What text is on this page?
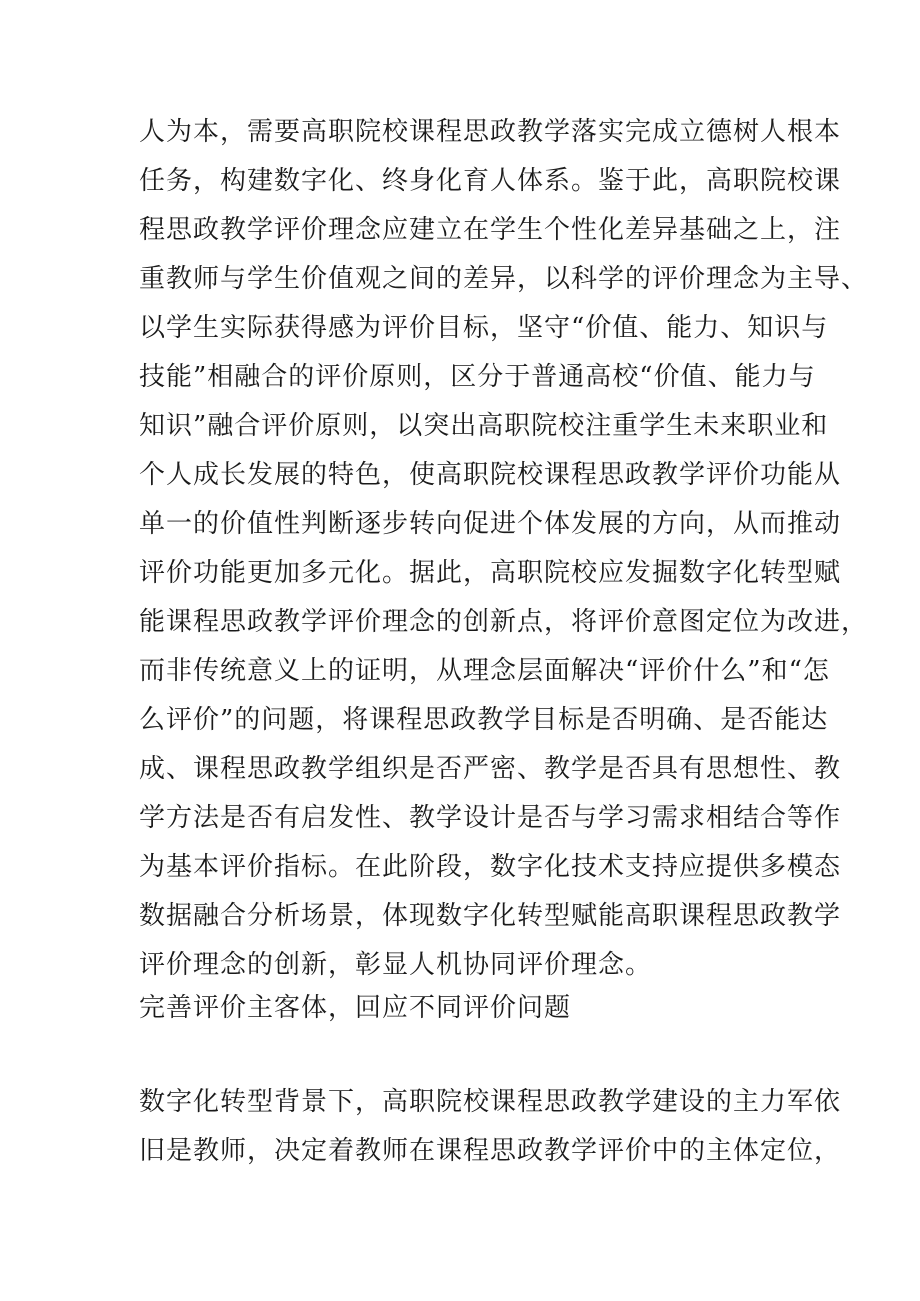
人为本，需要高职院校课程思政教学落实完成立德树人根本
任务，构建数字化、终身化育人体系。鉴于此，高职院校课
程思政教学评价理念应建立在学生个性化差异基础之上，注
重教师与学生价值观之间的差异，以科学的评价理念为主导、
以学生实际获得感为评价目标，坚守“价值、能力、知识与
技能”相融合的评价原则，区分于普通高校“价值、能力与
知识”融合评价原则，以突出高职院校注重学生未来职业和
个人成长发展的特色，使高职院校课程思政教学评价功能从
单一的价值性判断逐步转向促进个体发展的方向，从而推动
评价功能更加多元化。据此，高职院校应发掘数字化转型赋
能课程思政教学评价理念的创新点，将评价意图定位为改进，
而非传统意义上的证明，从理念层面解决“评价什么”和“怎
么评价”的问题，将课程思政教学目标是否明确、是否能达
成、课程思政教学组织是否严密、教学是否具有思想性、教
学方法是否有启发性、教学设计是否与学习需求相结合等作
为基本评价指标。在此阶段，数字化技术支持应提供多模态
数据融合分析场景，体现数字化转型赋能高职课程思政教学
评价理念的创新，彰显人机协同评价理念。
完善评价主客体，回应不同评价问题
数字化转型背景下，高职院校课程思政教学建设的主力军依
旧是教师，决定着教师在课程思政教学评价中的主体定位，
